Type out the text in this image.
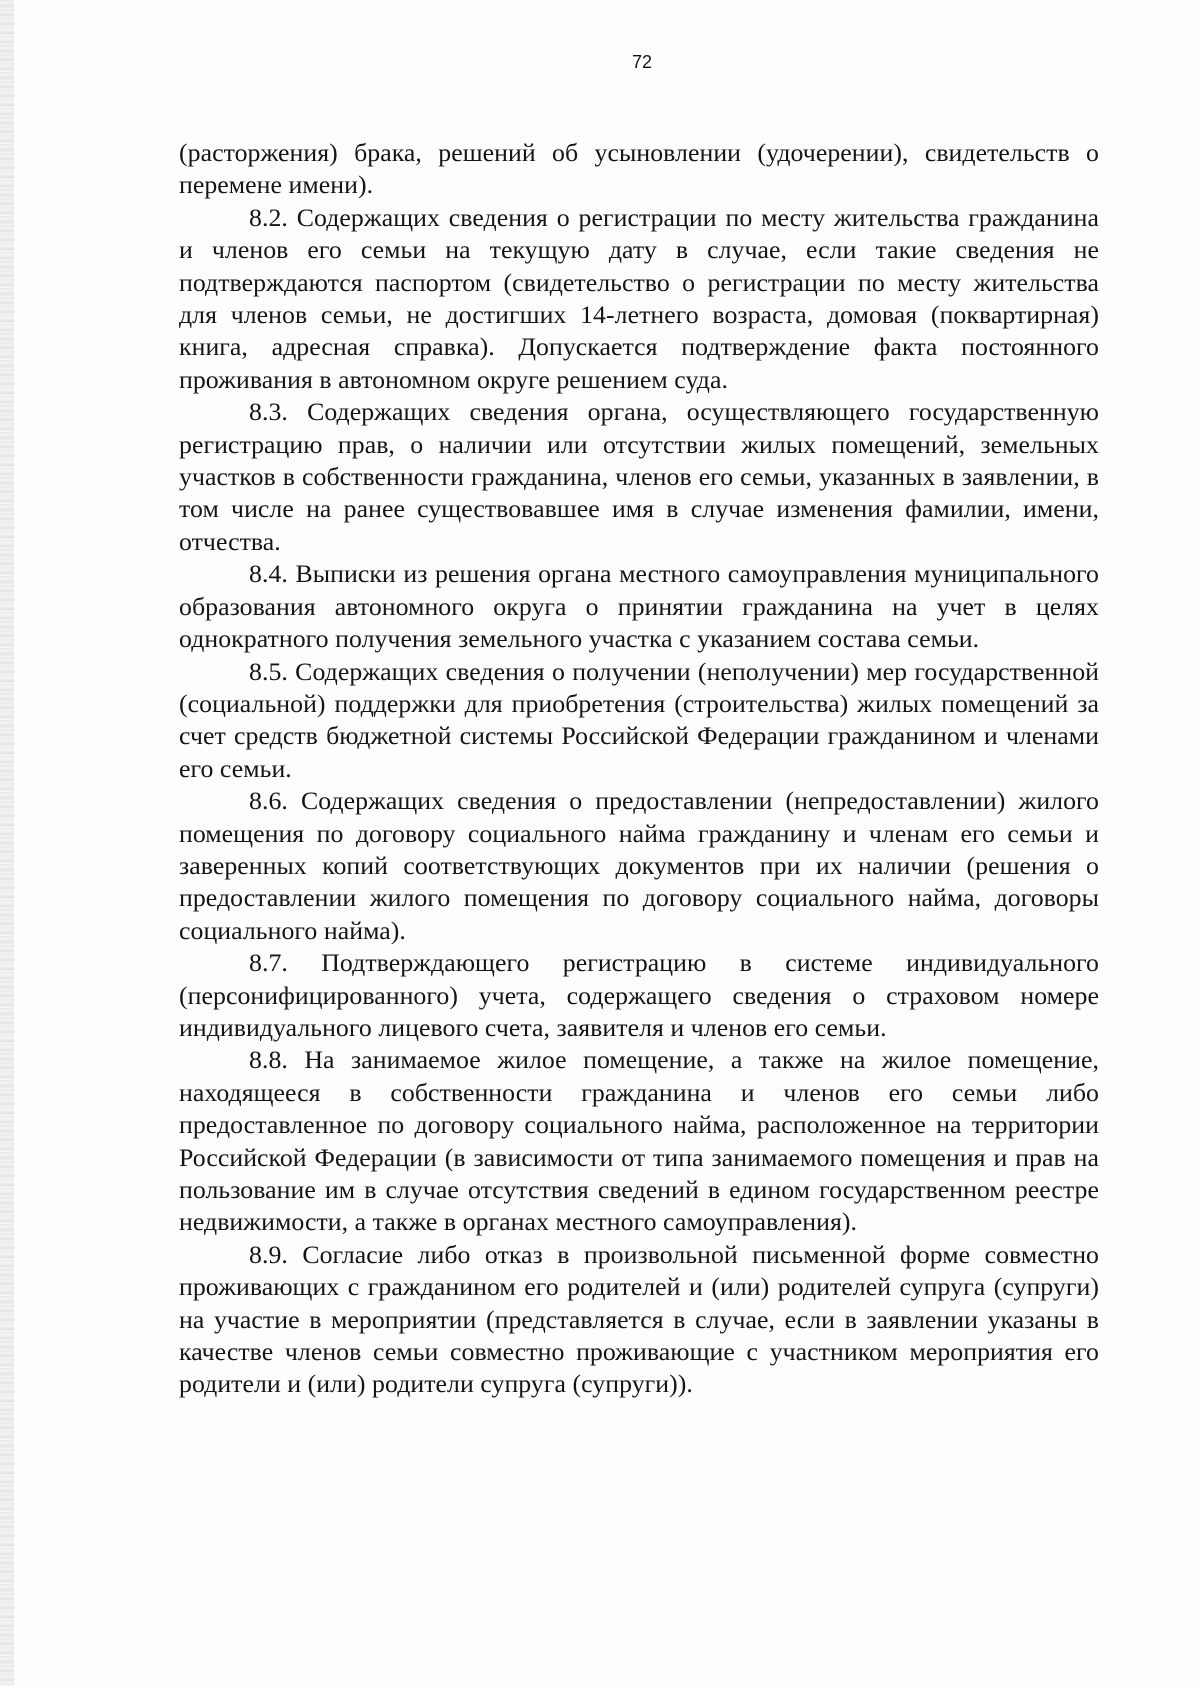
72

(расторжения) брака, решений об усыновлении (удочерении), свидетельств о перемене имени).

8.2. Содержащих сведения о регистрации по месту жительства гражданина и членов его семьи на текущую дату в случае, если такие сведения не подтверждаются паспортом (свидетельство о регистрации по месту жительства для членов семьи, не достигших 14-летнего возраста, домовая (поквартирная) книга, адресная справка). Допускается подтверждение факта постоянного проживания в автономном округе решением суда.

8.3. Содержащих сведения органа, осуществляющего государственную регистрацию прав, о наличии или отсутствии жилых помещений, земельных участков в собственности гражданина, членов его семьи, указанных в заявлении, в том числе на ранее существовавшее имя в случае изменения фамилии, имени, отчества.

8.4. Выписки из решения органа местного самоуправления муниципального образования автономного округа о принятии гражданина на учет в целях однократного получения земельного участка с указанием состава семьи.

8.5. Содержащих сведения о получении (неполучении) мер государственной (социальной) поддержки для приобретения (строительства) жилых помещений за счет средств бюджетной системы Российской Федерации гражданином и членами его семьи.

8.6. Содержащих сведения о предоставлении (непредоставлении) жилого помещения по договору социального найма гражданину и членам его семьи и заверенных копий соответствующих документов при их наличии (решения о предоставлении жилого помещения по договору социального найма, договоры социального найма).

8.7. Подтверждающего регистрацию в системе индивидуального (персонифицированного) учета, содержащего сведения о страховом номере индивидуального лицевого счета, заявителя и членов его семьи.

8.8. На занимаемое жилое помещение, а также на жилое помещение, находящееся в собственности гражданина и членов его семьи либо предоставленное по договору социального найма, расположенное на территории Российской Федерации (в зависимости от типа занимаемого помещения и прав на пользование им в случае отсутствия сведений в едином государственном реестре недвижимости, а также в органах местного самоуправления).

8.9. Согласие либо отказ в произвольной письменной форме совместно проживающих с гражданином его родителей и (или) родителей супруга (супруги) на участие в мероприятии (представляется в случае, если в заявлении указаны в качестве членов семьи совместно проживающие с участником мероприятия его родители и (или) родители супруга (супруги)).
